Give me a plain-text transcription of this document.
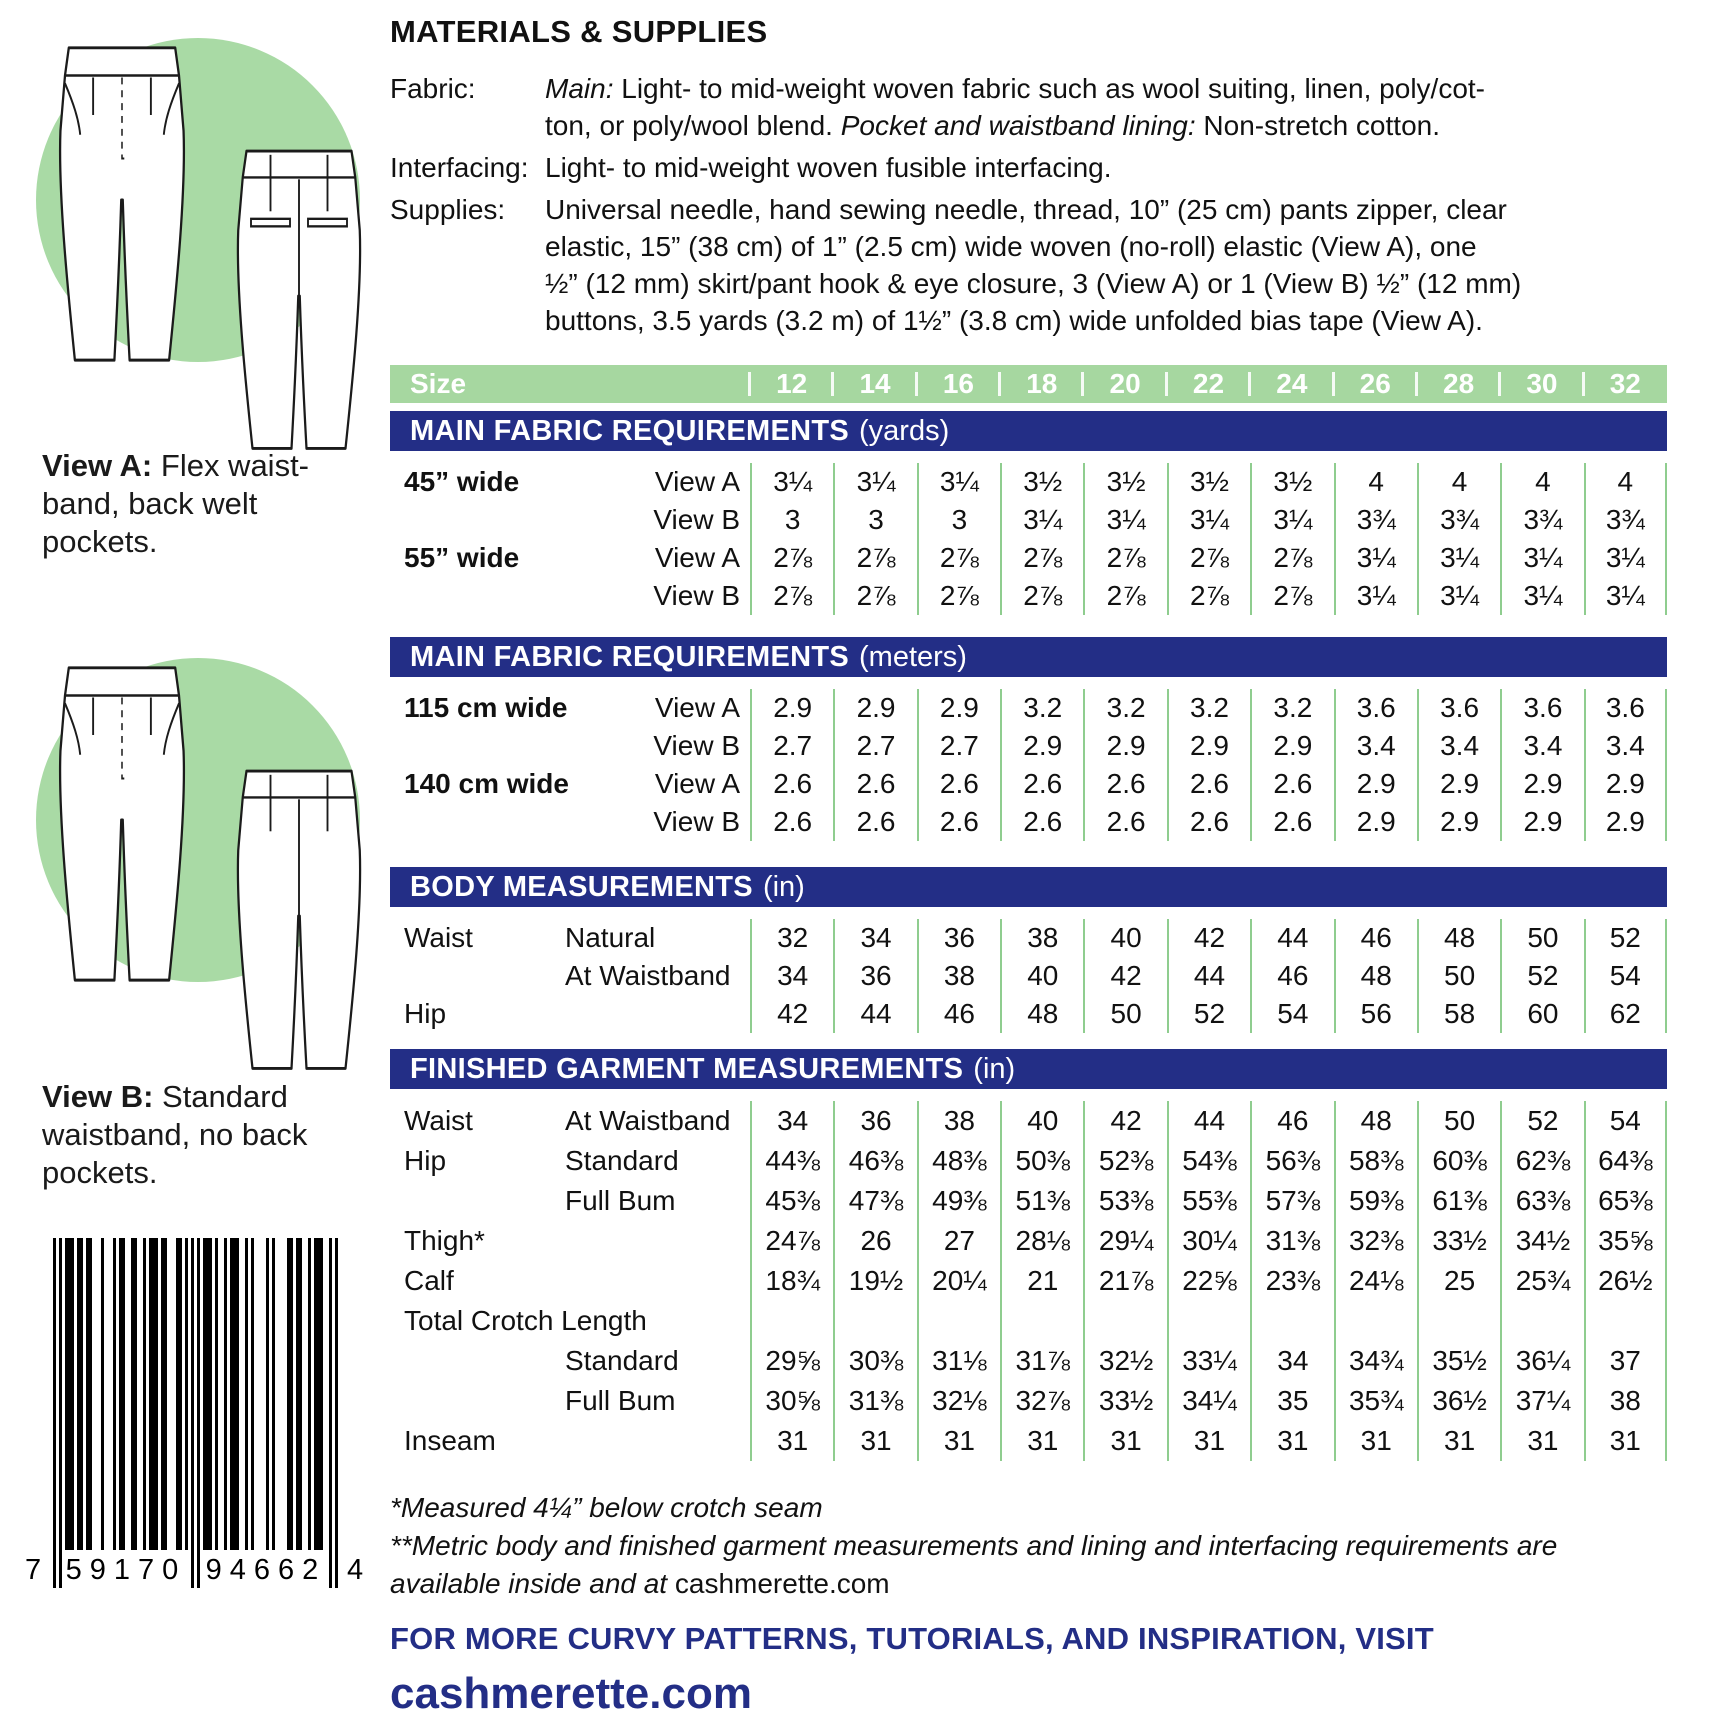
View A: Flex waist-
band, back welt
pockets.

View B: Standard
waistband, no back
pockets.

7 59170 94662 4
MATERIALS & SUPPLIES
Fabric:	Main: Light- to mid-weight woven fabric such as wool suiting, linen, poly/cot-
ton, or poly/wool blend. Pocket and waistband lining: Non-stretch cotton.
Interfacing: Light- to mid-weight woven fusible interfacing.
Supplies:	Universal needle, hand sewing needle, thread, 10” (25 cm) pants zipper, clear
elastic, 15” (38 cm) of 1” (2.5 cm) wide woven (no-roll) elastic (View A), one
½” (12 mm) skirt/pant hook & eye closure, 3 (View A) or 1 (View B) ½” (12 mm)
buttons, 3.5 yards (3.2 m) of 1½” (3.8 cm) wide unfolded bias tape (View A).
Size	12	14	16	18	20	22	24	26	28	30	32
MAIN FABRIC REQUIREMENTS (yards)
45” wide	View A	3¼	3¼	3¼	3½	3½	3½	3½	4	4	4	4
View B	3	3	3	3¼	3¼	3¼	3¼	3¾	3¾	3¾	3¾
55” wide	View A	2⅞	2⅞	2⅞	2⅞	2⅞	2⅞	2⅞	3¼	3¼	3¼	3¼
View B	2⅞	2⅞	2⅞	2⅞	2⅞	2⅞	2⅞	3¼	3¼	3¼	3¼
MAIN FABRIC REQUIREMENTS (meters)
115 cm wide	View A	2.9	2.9	2.9	3.2	3.2	3.2	3.2	3.6	3.6	3.6	3.6
View B	2.7	2.7	2.7	2.9	2.9	2.9	2.9	3.4	3.4	3.4	3.4
140 cm wide	View A	2.6	2.6	2.6	2.6	2.6	2.6	2.6	2.9	2.9	2.9	2.9
View B	2.6	2.6	2.6	2.6	2.6	2.6	2.6	2.9	2.9	2.9	2.9
BODY MEASUREMENTS (in)
Waist	Natural	32	34	36	38	40	42	44	46	48	50	52
At Waistband	34	36	38	40	42	44	46	48	50	52	54
Hip	42	44	46	48	50	52	54	56	58	60	62
FINISHED GARMENT MEASUREMENTS (in)
Waist	At Waistband	34	36	38	40	42	44	46	48	50	52	54
Hip	Standard	44⅜	46⅜	48⅜	50⅜	52⅜	54⅜	56⅜	58⅜	60⅜	62⅜ 64⅜
Full Bum	45⅜	47⅜	49⅜	51⅜	53⅜	55⅜	57⅜	59⅜	61⅜	63⅜ 65⅜
Thigh*	24⅞	26	27	28⅛	29¼	30¼	31⅜	32⅜	33½	34½ 35⅝
Calf	18¾	19½	20¼	21	21⅞	22⅝	23⅜	24⅛	25	25¾ 26½
Total Crotch Length
Standard	29⅝	30⅜	31⅛	31⅞	32½	33¼	34	34¾	35½	36¼	37
Full Bum	30⅝	31⅜	32⅛	32⅞	33½	34¼	35	35¾	36½	37¼	38
Inseam	31	31	31	31	31	31	31	31	31	31	31

*Measured 4¼” below crotch seam

**Metric body and finished garment measurements and lining and interfacing requirements are
available inside and at cashmerette.com

FOR MORE CURVY PATTERNS, TUTORIALS, AND INSPIRATION, VISIT

cashmerette.com
